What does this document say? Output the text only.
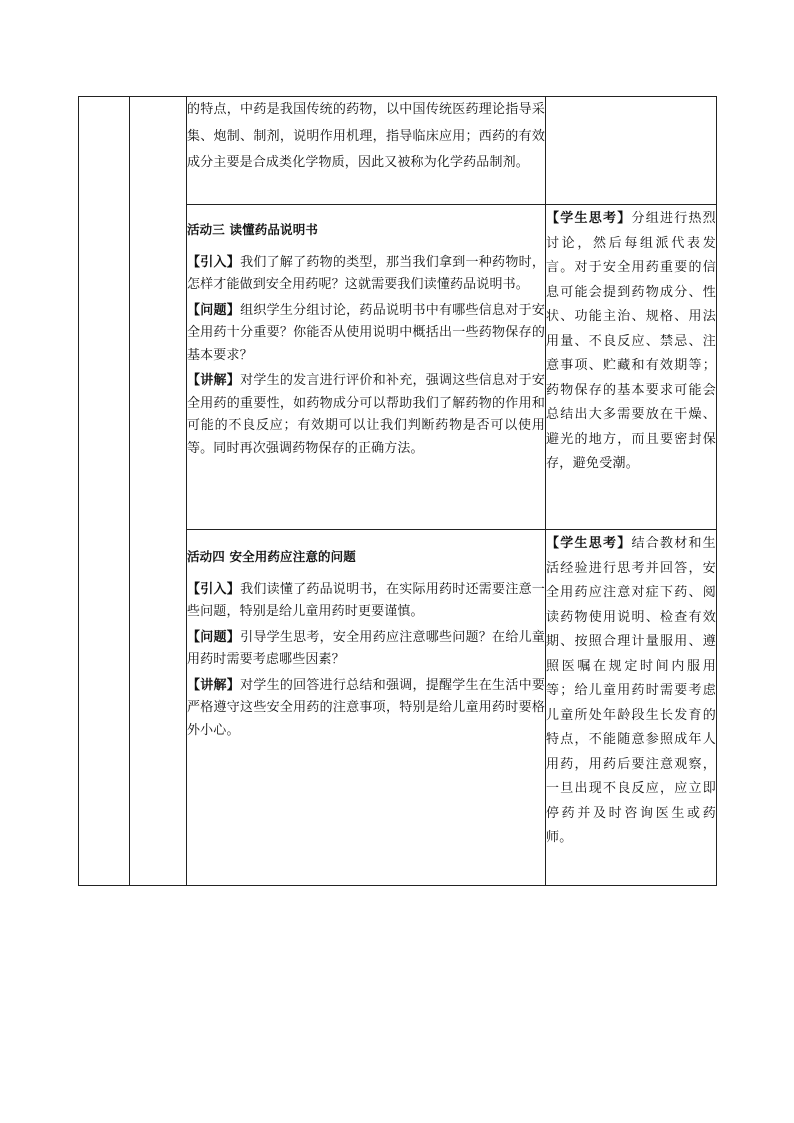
		的特点，中药是我国传统的药物，以中国传统医药理论指导采集、炮制、制剂，说明作用机理，指导临床应用；西药的有效成分主要是合成类化学物质，因此又被称为化学药品制剂。	

		活动三 读懂药品说明书

【引入】我们了解了药物的类型，那当我们拿到一种药物时，怎样才能做到安全用药呢？这就需要我们读懂药品说明书。

【问题】组织学生分组讨论，药品说明书中有哪些信息对于安全用药十分重要？你能否从使用说明中概括出一些药物保存的基本要求？

【讲解】对学生的发言进行评价和补充，强调这些信息对于安全用药的重要性，如药物成分可以帮助我们了解药物的作用和可能的不良反应；有效期可以让我们判断药物是否可以使用等。同时再次强调药物保存的正确方法。	【学生思考】分组进行热烈讨论，然后每组派代表发言。对于安全用药重要的信息可能会提到药物成分、性状、功能主治、规格、用法用量、不良反应、禁忌、注意事项、贮藏和有效期等；药物保存的基本要求可能会总结出大多需要放在干燥、避光的地方，而且要密封保存，避免受潮。

		活动四 安全用药应注意的问题

【引入】我们读懂了药品说明书，在实际用药时还需要注意一些问题，特别是给儿童用药时更要谨慎。

【问题】引导学生思考，安全用药应注意哪些问题？在给儿童用药时需要考虑哪些因素？

【讲解】对学生的回答进行总结和强调，提醒学生在生活中要严格遵守这些安全用药的注意事项，特别是给儿童用药时要格外小心。	【学生思考】结合教材和生活经验进行思考并回答，安全用药应注意对症下药、阅读药物使用说明、检查有效期、按照合理计量服用、遵照医嘱在规定时间内服用等；给儿童用药时需要考虑儿童所处年龄段生长发育的特点，不能随意参照成年人用药，用药后要注意观察，一旦出现不良反应，应立即停药并及时咨询医生或药师。
